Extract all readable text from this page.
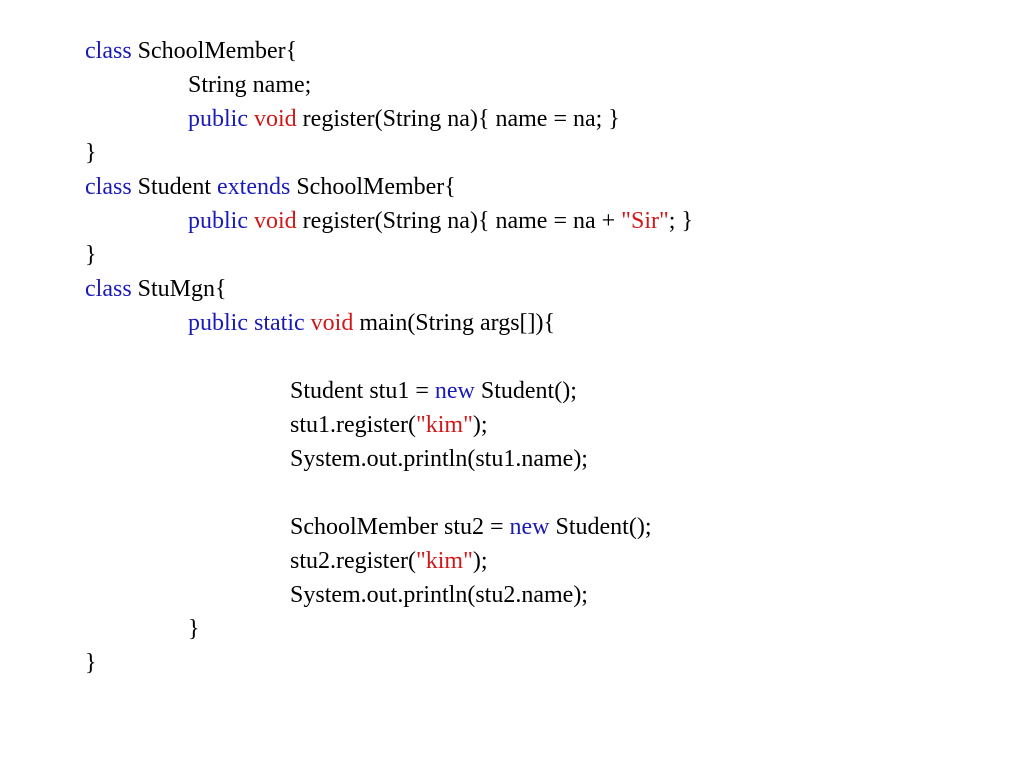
class SchoolMember{
String name;
public void register(String na){ name = na; }
}
class Student extends SchoolMember{
public void register(String na){ name = na + "Sir"; }
}
class StuMgn{
public static void main(String args[]){
Student stu1 = new Student();
stu1.register("kim");
System.out.println(stu1.name);
SchoolMember stu2 = new Student();
stu2.register("kim");
System.out.println(stu2.name);
}
}
